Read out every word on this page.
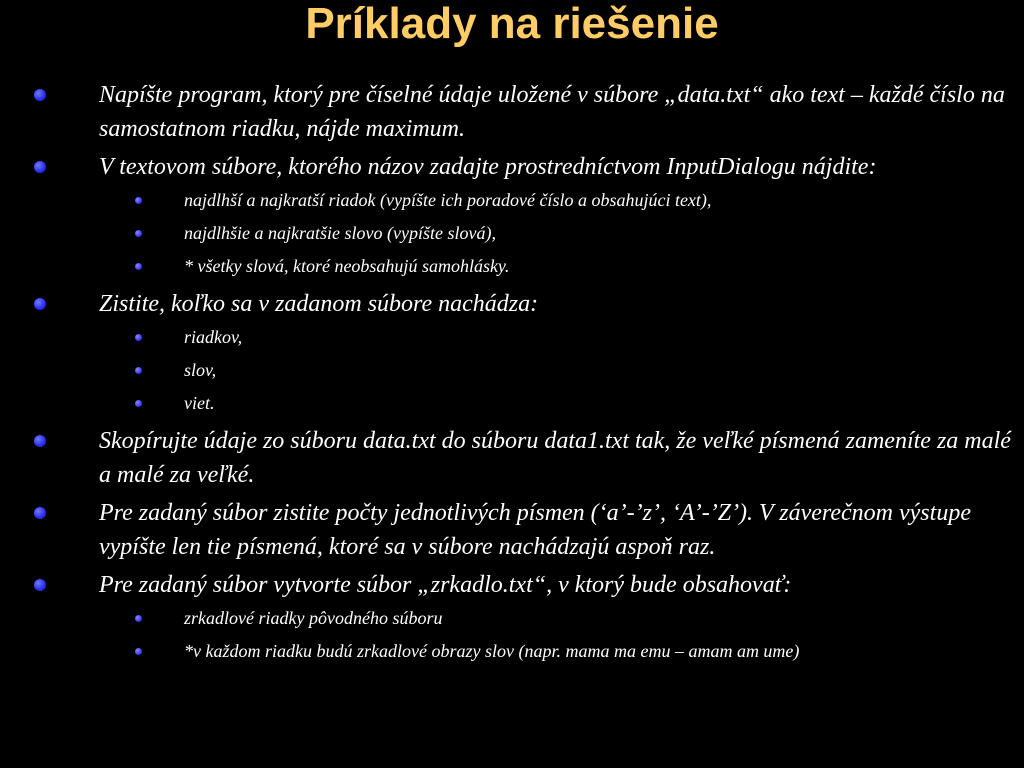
Príklady na riešenie
Napíšte program, ktorý pre číselné údaje uložené v súbore „data.txt“ ako text – každé číslo na samostatnom riadku, nájde maximum.
V textovom súbore, ktorého názov zadajte prostredníctvom InputDialogu nájdite:
najdlhší a najkratší riadok (vypíšte ich poradové číslo a obsahujúci text),
najdlhšie a najkratšie slovo (vypíšte slová),
* všetky slová, ktoré neobsahujú samohlásky.
Zistite, koľko sa v zadanom súbore nachádza:
riadkov,
slov,
viet.
Skopírujte údaje zo súboru data.txt do súboru data1.txt tak, že veľké písmená zameníte za malé a malé za veľké.
Pre zadaný súbor zistite počty jednotlivých písmen (‘a’-’z’, ‘A’-’Z’). V záverečnom výstupe vypíšte len tie písmená, ktoré sa v súbore nachádzajú aspoň raz.
Pre zadaný súbor vytvorte súbor „zrkadlo.txt“, v ktorý bude obsahovať:
zrkadlové riadky pôvodného súboru
*v každom riadku budú zrkadlové obrazy slov (napr. mama ma emu – amam am ume)
